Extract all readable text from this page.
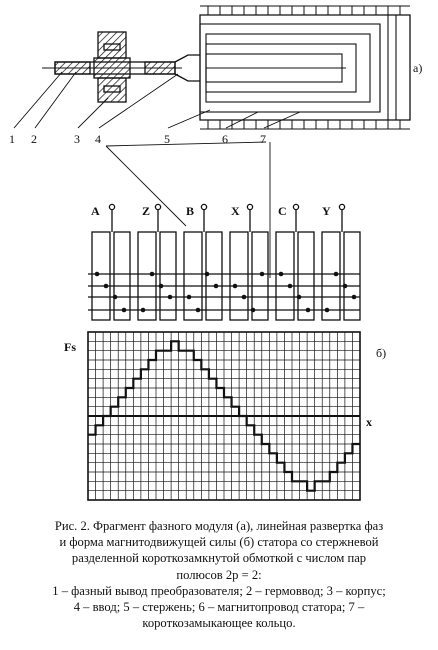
1 2	3 4	5	6	7
а)
A	Z	B	X	C	Y
Fs
x
б)

Рис. 2. Фрагмент фазного модуля (а), линейная развертка фаз

и форма магнитодвижущей силы (б) статора со стержневой

разделенной короткозамкнутой обмоткой с числом пар

полюсов 2p = 2:

1 – фазный вывод преобразователя; 2 – гермоввод; 3 – корпус;

4 – ввод; 5 – стержень; 6 – магнитопровод статора; 7 –

короткозамыкающее кольцо.
